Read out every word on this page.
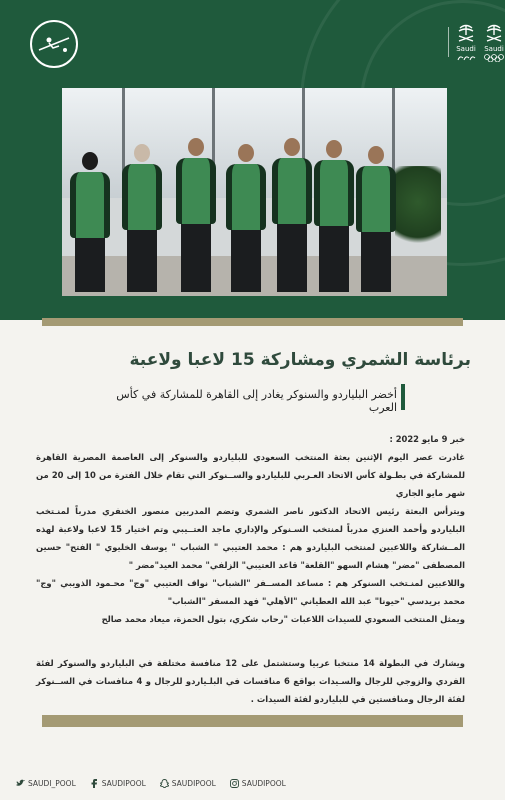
Saudi
Saudi
برئاسة الشمري ومشاركة 15 لاعبا ولاعبة
أخضر البلياردو والسنوكر يغادر إلى القاهرة للمشاركة في كأس العرب

خبر 9 مايو 2022 :

غادرت عصر اليوم الإثنين بعثة المنتخب السعودي للبلياردو والسنوكر إلى العاصمة المصرية القاهرة للمشاركة في بطـولة كأس الاتحاد العـربي للبلياردو والســنوكر التي تقام خلال الفترة من 10 إلى 20 من شهر مايو الجاري

ويترأس البعثة رئيس الاتحاد الدكتور ناصر الشمري وتضم المدربين منصور الخنفري مدرباً لمنـتخب البلياردو وأحمد العنزي مدرباً لمنتخب السـنوكر والإداري ماجد العتــيبي وتم اختيار 15 لاعبا ولاعبة لهذه المــشاركة واللاعبين لمنتخب البلياردو هم : محمد العتيبي " الشباب " يوسف الخليوي " الفتح" حسين المصطفى "مضر" هشام السهو "القلعة" قاعد العتيبي" الزلفي" محمد العيد"مضر "

واللاعبين لمنـتخب السنوكر هم : مساعد المســفر "الشباب" نواف العتيبي "وج" محـمود الذويبي "وج" محمد بريدسي "حيونا" عبد الله العطياني "الأهلي" فهد المسفر "الشباب"

ويمثل المنتخب السعودي للسيدات اللاعبات "رحاب شكري، بتول الحمزة، ميعاد محمد صالح

ويشارك في البطولة 14 منتخبا عربيا وستشتمل على 12 منافسة مختلفة في البلياردو والسنوكر لفئة الفردي والزوجي للرجال والسـيدات بواقع 6 منافسات في البلـياردو للرجال و 4 منافسات في الســنوكر لفئة الرجال ومنافستين في للبلياردو لفئة السيدات .

SAUDI_POOL	SAUDIPOOL	SAUDIPOOL	SAUDIPOOL
